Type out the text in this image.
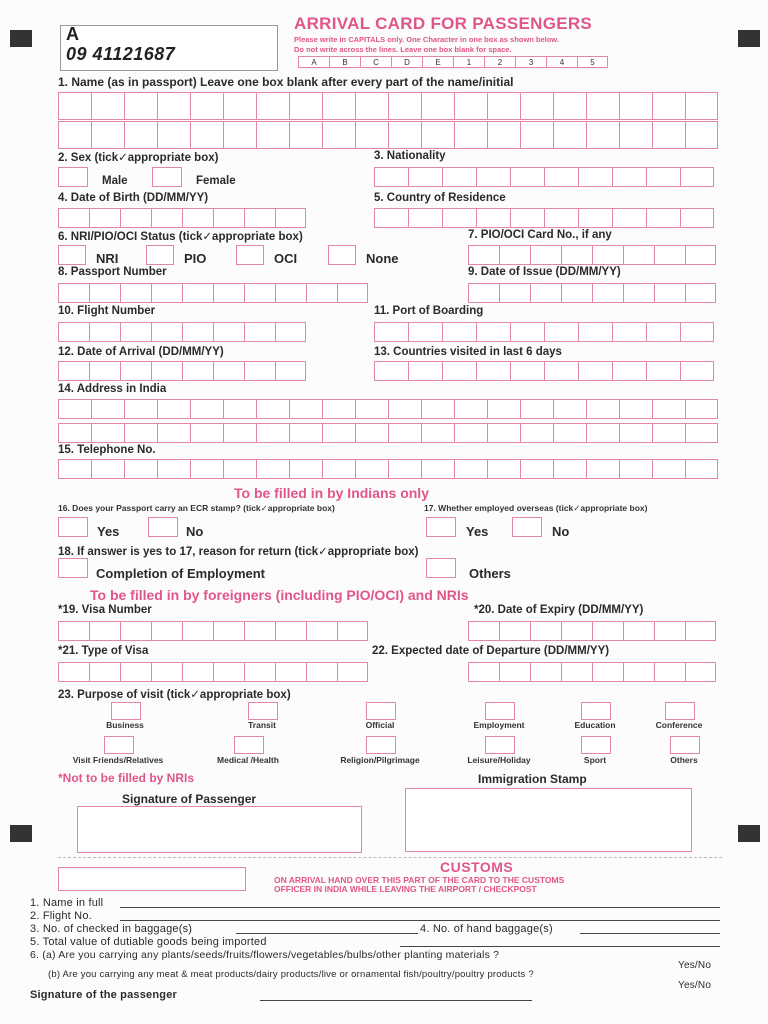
A
09 41121687
ARRIVAL CARD FOR PASSENGERS
Please write in CAPITALS only. One Character in one box as shown below.
Do not write across the lines. Leave one box blank for space.
A	B	C	D	E	1	2	3	4	5
1. Name (as in passport) Leave one box blank after every part of the name/initial
2. Sex (tick✓appropriate box)
Male	Female
3. Nationality
4. Date of Birth (DD/MM/YY)	5. Country of Residence
6. NRI/PIO/OCI Status (tick✓appropriate box)
NRI	PIO	OCI	None
7. PIO/OCI Card No., if any
8. Passport Number	9. Date of Issue (DD/MM/YY)
10. Flight Number	11. Port of Boarding
12. Date of Arrival (DD/MM/YY)	13. Countries visited in last 6 days
14. Address in India
15. Telephone No.
To be filled in by Indians only
16. Does your Passport carry an ECR stamp? (tick✓appropriate box)	17. Whether employed overseas (tick✓appropriate box)
Yes	No	Yes	No
18. If answer is yes to 17, reason for return (tick✓appropriate box)
Completion of Employment	Others
To be filled in by foreigners (including PIO/OCI) and NRIs
*19. Visa Number	*20. Date of Expiry (DD/MM/YY)
*21. Type of Visa	22. Expected date of Departure (DD/MM/YY)
23. Purpose of visit (tick✓appropriate box)
Business	Transit	Official	Employment	Education	Conference
Visit Friends/Relatives	Medical /Health	Religion/Pilgrimage	Leisure/Holiday	Sport	Others
*Not to be filled by NRIs	Immigration Stamp
Signature of Passenger
CUSTOMS
ON ARRIVAL HAND OVER THIS PART OF THE CARD TO THE CUSTOMS
OFFICER IN INDIA WHILE LEAVING THE AIRPORT / CHECKPOST
1. Name in full
2. Flight No.
3. No. of checked in baggage(s)	4. No. of hand baggage(s)
5. Total value of dutiable goods being imported
6. (a) Are you carrying any plants/seeds/fruits/flowers/vegetables/bulbs/other planting materials ?
Yes/No
(b) Are you carrying any meat & meat products/dairy products/live or ornamental fish/poultry/poultry products ?
Yes/No
Signature of the passenger
